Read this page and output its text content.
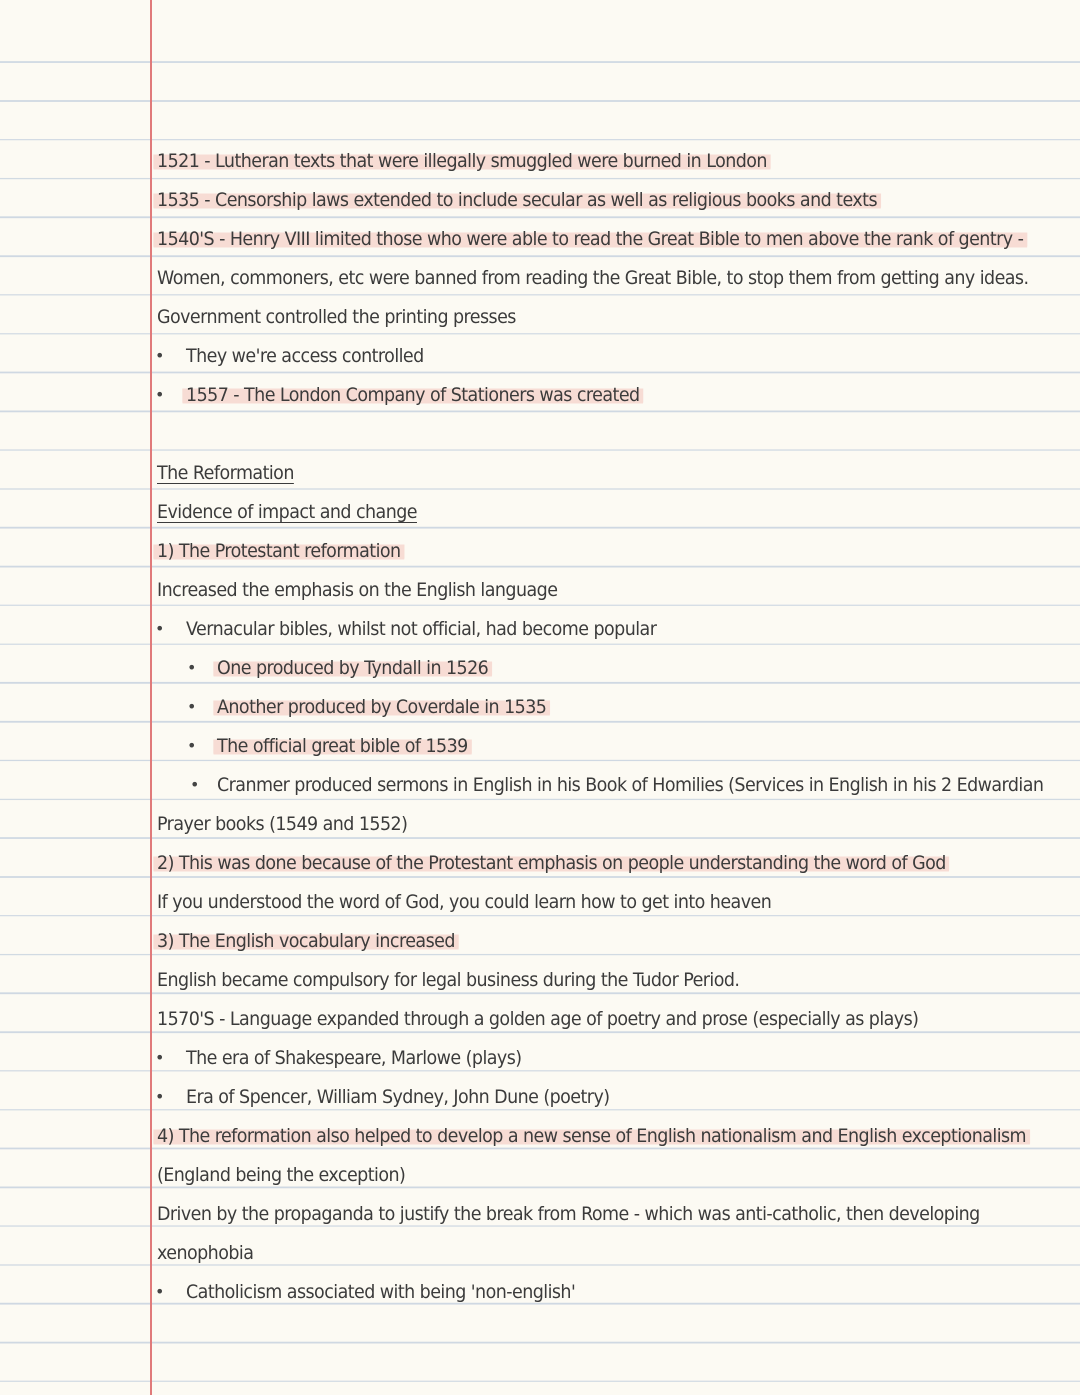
1521 - Lutheran texts that were illegally smuggled were burned in London
1535 - Censorship laws extended to include secular as well as religious books and texts
1540'S - Henry VIII limited those who were able to read the Great Bible to men above the rank of gentry -
Women, commoners, etc were banned from reading the Great Bible, to stop them from getting any ideas.
Government controlled the printing presses
• They we're access controlled
• 1557 - The London Company of Stationers was created
The Reformation
Evidence of impact and change
1) The Protestant reformation
Increased the emphasis on the English language
• Vernacular bibles, whilst not official, had become popular
• One produced by Tyndall in 1526
• Another produced by Coverdale in 1535
• The official great bible of 1539
• Cranmer produced sermons in English in his Book of Homilies (Services in English in his 2 Edwardian
Prayer books (1549 and 1552)
2) This was done because of the Protestant emphasis on people understanding the word of God
If you understood the word of God, you could learn how to get into heaven
3) The English vocabulary increased
English became compulsory for legal business during the Tudor Period.
1570'S - Language expanded through a golden age of poetry and prose (especially as plays)
• The era of Shakespeare, Marlowe (plays)
• Era of Spencer, William Sydney, John Dune (poetry)
4) The reformation also helped to develop a new sense of English nationalism and English exceptionalism
(England being the exception)
Driven by the propaganda to justify the break from Rome - which was anti-catholic, then developing
xenophobia
• Catholicism associated with being 'non-english'
